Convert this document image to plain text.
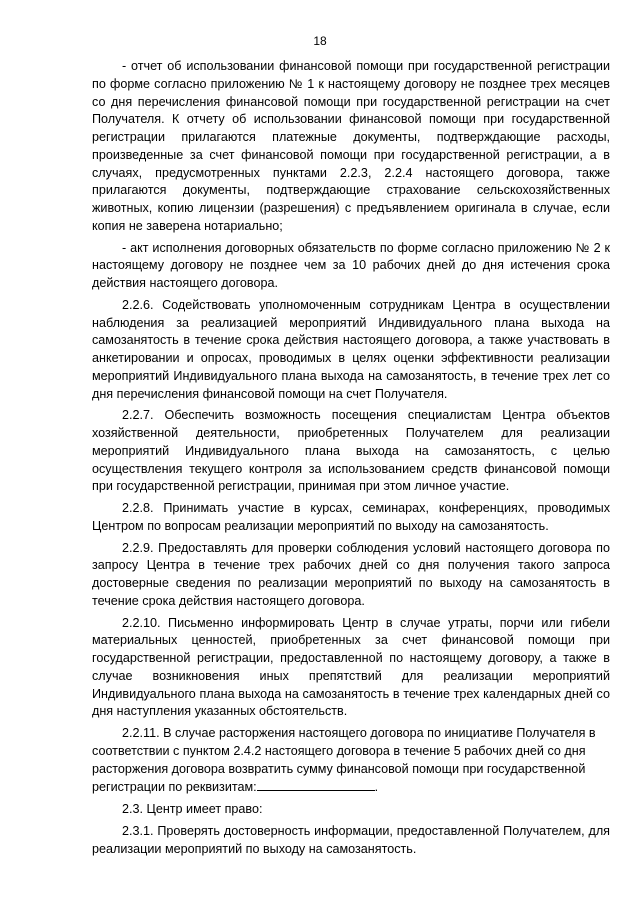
18

- отчет об использовании финансовой помощи при государственной регистрации по форме согласно приложению № 1 к настоящему договору не позднее трех месяцев со дня перечисления финансовой помощи при государственной регистрации на счет Получателя. К отчету об использовании финансовой помощи при государственной регистрации прилагаются платежные документы, подтверждающие расходы, произведенные за счет финансовой помощи при государственной регистрации, а в случаях, предусмотренных пунктами 2.2.3, 2.2.4 настоящего договора, также прилагаются документы, подтверждающие страхование сельскохозяйственных животных, копию лицензии (разрешения) с предъявлением оригинала в случае, если копия не заверена нотариально;

- акт исполнения договорных обязательств по форме согласно приложению № 2 к настоящему договору не позднее чем за 10 рабочих дней до дня истечения срока действия настоящего договора.

2.2.6. Содействовать уполномоченным сотрудникам Центра в осуществлении наблюдения за реализацией мероприятий Индивидуального плана выхода на самозанятость в течение срока действия настоящего договора, а также участвовать в анкетировании и опросах, проводимых в целях оценки эффективности реализации мероприятий Индивидуального плана выхода на самозанятость, в течение трех лет со дня перечисления финансовой помощи на счет Получателя.

2.2.7. Обеспечить возможность посещения специалистам Центра объектов хозяйственной деятельности, приобретенных Получателем для реализации мероприятий Индивидуального плана выхода на самозанятость, с целью осуществления текущего контроля за использованием средств финансовой помощи при государственной регистрации, принимая при этом личное участие.

2.2.8. Принимать участие в курсах, семинарах, конференциях, проводимых Центром по вопросам реализации мероприятий по выходу на самозанятость.

2.2.9. Предоставлять для проверки соблюдения условий настоящего договора по запросу Центра в течение трех рабочих дней со дня получения такого запроса достоверные сведения по реализации мероприятий по выходу на самозанятость в течение срока действия настоящего договора.

2.2.10. Письменно информировать Центр в случае утраты, порчи или гибели материальных ценностей, приобретенных за счет финансовой помощи при государственной регистрации, предоставленной по настоящему договору, а также в случае возникновения иных препятствий для реализации мероприятий Индивидуального плана выхода на самозанятость в течение трех календарных дней со дня наступления указанных обстоятельств.

2.2.11. В случае расторжения настоящего договора по инициативе Получателя в соответствии с пунктом 2.4.2 настоящего договора в течение 5 рабочих дней со дня расторжения договора возвратить сумму финансовой помощи при государственной регистрации по реквизитам:	.

2.3. Центр имеет право:

2.3.1. Проверять достоверность информации, предоставленной Получателем, для реализации мероприятий по выходу на самозанятость.
